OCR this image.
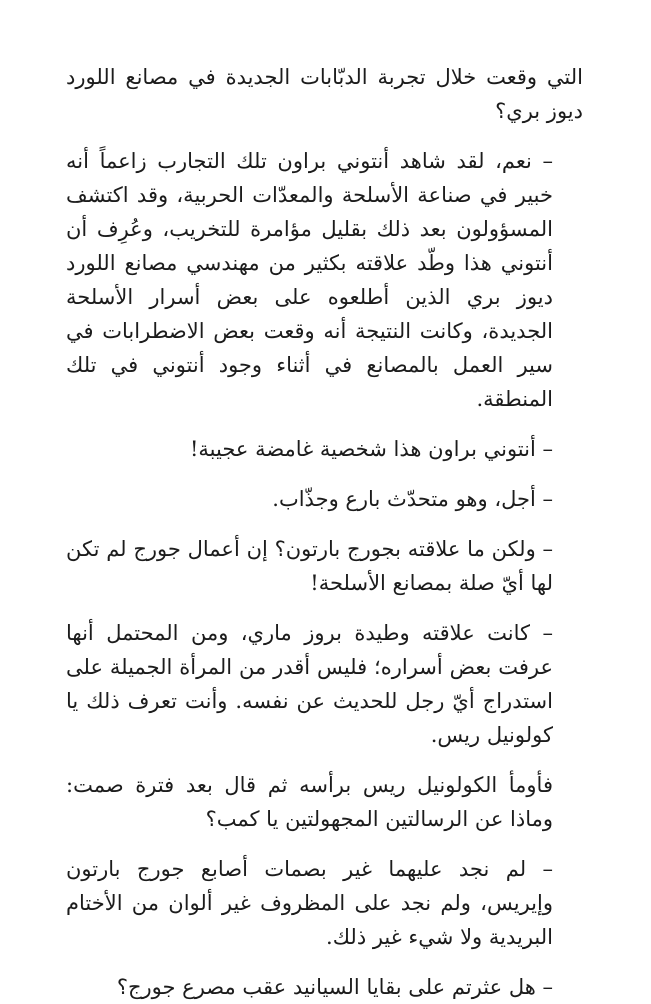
التي وقعت خلال تجربة الدبّابات الجديدة في مصانع اللورد ديوز بري؟

– نعم، لقد شاهد أنتوني براون تلك التجارب زاعماً أنه خبير في صناعة الأسلحة والمعدّات الحربية، وقد اكتشف المسؤولون بعد ذلك بقليل مؤامرة للتخريب، وعُرِف أن أنتوني هذا وطّد علاقته بكثير من مهندسي مصانع اللورد ديوز بري الذين أطلعوه على بعض أسرار الأسلحة الجديدة، وكانت النتيجة أنه وقعت بعض الاضطرابات في سير العمل بالمصانع في أثناء وجود أنتوني في تلك المنطقة.

– أنتوني براون هذا شخصية غامضة عجيبة!

– أجل، وهو متحدّث بارع وجذّاب.

– ولكن ما علاقته بجورج بارتون؟ إن أعمال جورج لم تكن لها أيّ صلة بمصانع الأسلحة!

– كانت علاقته وطيدة بروز ماري، ومن المحتمل أنها عرفت بعض أسراره؛ فليس أقدر من المرأة الجميلة على استدراج أيّ رجل للحديث عن نفسه. وأنت تعرف ذلك يا كولونيل ريس.

فأومأ الكولونيل ريس برأسه ثم قال بعد فترة صمت: وماذا عن الرسالتين المجهولتين يا كمب؟

– لم نجد عليهما غير بصمات أصابع جورج بارتون وإيريس، ولم نجد على المظروف غير ألوان من الأختام البريدية ولا شيء غير ذلك.

– هل عثرتم على بقايا السيانيد عقب مصرع جورج؟
